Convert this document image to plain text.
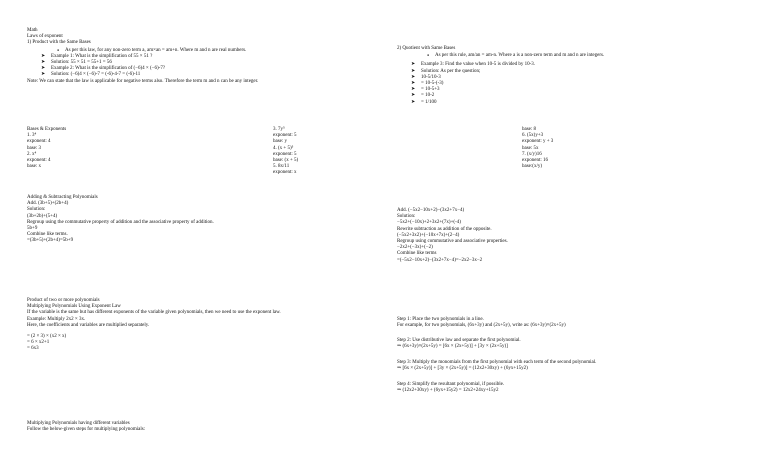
Math
Laws of exponent
1) Product with the Same Bases
● As per this law, for any non-zero term a, am×an = am+n. Where m and n are real numbers.
➤ Example 1: What is the simplification of 55 × 51 ?
➤ Solution: 55 × 51 = 55+1 = 56
➤ Example 2: What is the simplification of (−6)4 × (−6)-7?
➤ Solution: (−6)4 × (−6)-7 = (-6)-4-7 = (-6)-11
Note: We can state that the law is applicable for negative terms also. Therefore the term m and n can be any integer.
2) Quotient with Same Bases
● As per this rule, am/an = am-n. Where a is a non-zero term and m and n are integers.
➤ Example 3: Find the value when 10-5 is divided by 10-3.
➤ Solution: As per the question;
➤ 10-5/10-3
➤ = 10-5-(-3)
➤ = 10-5+3
➤ = 10-2
➤ = 1/100
Bases & Exponents
1. 3⁴
exponent: 4
base: 3
2. x⁴
exponent: 4
base: x
3. 7y⁵
exponent: 5
base: y
4. (x + 5)⁵
exponent: 5
base: (x + 5)
5. 8x/11
exponent: x
base: 8
6. (5x)y+3
exponent: y + 3
base: 5x
7. (x/y)16
exponent: 16
base:(x/y)
Adding & Subtracting Polynomials
Add. (3b+5)+(2b+4)
Solution:
(3b+2b)+(5+4)
Regroup using the commutative property of addition and the associative property of addition.
5b+9
Combine like terms.
=(3b+5)+(2b+4)=5b+9
Add. (−5x2−10x+2)−(3x2+7x−4)
Solution:
−5x2+(−10x)+2+3x2+(7x)+(-4)
Rewrite subtraction as addition of the opposite.
(−5x2+3x2)+(−10x+7x)+(2−4)
Regroup using commutative and associative properties.
−2x2+(−3x)+(−2)
Combine like terms
=(−5x2−10x+2)−(3x2+7x−4)=−2x2−3x−2
Product of two or more polynomials
Multiplying Polynomials Using Exponent Law
If the variable is the same but has different exponents of the variable given polynomials, then we need to use the exponent law.
Example: Multiply 2x2 × 3x.
Here, the coefficients and variables are multiplied separately.
= (2 × 3) × (x2 × x)
= 6 × x2+1
= 6x3
Step 1: Place the two polynomials in a line.
For example, for two polynomials, (6x+3y) and (2x+5y), write as: (6x+3y)×(2x+5y)
Step 2: Use distributive law and separate the first polynomial.
⇒ (6x+3y)×(2x+5y) = [6x × (2x+5y)] + [3y × (2x+5y)]
Step 3: Multiply the monomials from the first polynomial with each term of the second polynomial.
⇒ [6x × (2x+5y)] + [3y × (2x+5y)] = (12x2+30xy) + (6yx+15y2)
Step 4: Simplify the resultant polynomial, if possible.
⇒ (12x2+30xy) + (6yx+15y2) = 12x2+24xy+15y2
Multiplying Polynomials having different variables
Follow the below-given steps for multiplying polynomials:
